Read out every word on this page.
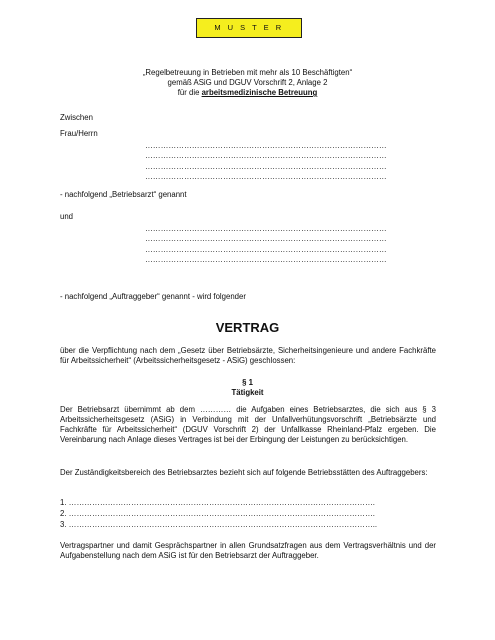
M U S T E R
„Regelbetreuung in Betrieben mit mehr als 10 Beschäftigten“
gemäß ASiG und DGUV Vorschrift 2, Anlage 2
für die arbeitsmedizinische Betreuung
Zwischen
Frau/Herrn
…………………………………………………………………………………
…………………………………………………………………………………
…………………………………………………………………………………
…………………………………………………………………………………
- nachfolgend „Betriebsarzt“ genannt
und
…………………………………………………………………………………
…………………………………………………………………………………
…………………………………………………………………………………
…………………………………………………………………………………
- nachfolgend „Auftraggeber“ genannt - wird folgender
VERTRAG
über die Verpflichtung nach dem „Gesetz über Betriebsärzte, Sicherheitsingenieure und andere Fachkräfte für Arbeitssicherheit“ (Arbeitssicherheitsgesetz - ASiG) geschlossen:
§ 1
Tätigkeit
Der Betriebsarzt übernimmt ab dem ………… die Aufgaben eines Betriebsarztes, die sich aus § 3 Arbeitssicherheitsgesetz (ASiG) in Verbindung mit der Unfallverhütungsvorschrift „Betriebsärzte und Fachkräfte für Arbeitssicherheit“ (DGUV Vorschrift 2) der Unfallkasse Rheinland-Pfalz ergeben. Die Vereinbarung nach Anlage dieses Vertrages ist bei der Erbingung der Leistungen zu berücksichtigen.
Der Zuständigkeitsbereich des Betriebsarztes bezieht sich auf folgende Betriebsstätten des Auftraggebers:
1. ……………………………………………………………………………………………………….
2. ……………………………………………………………………………………………………….
3. ………………………………………………………………………………………………………..
Vertragspartner und damit Gesprächspartner in allen Grundsatzfragen aus dem Vertragsverhältnis und der Aufgabenstellung nach dem ASiG ist für den Betriebsarzt der Auftraggeber.
